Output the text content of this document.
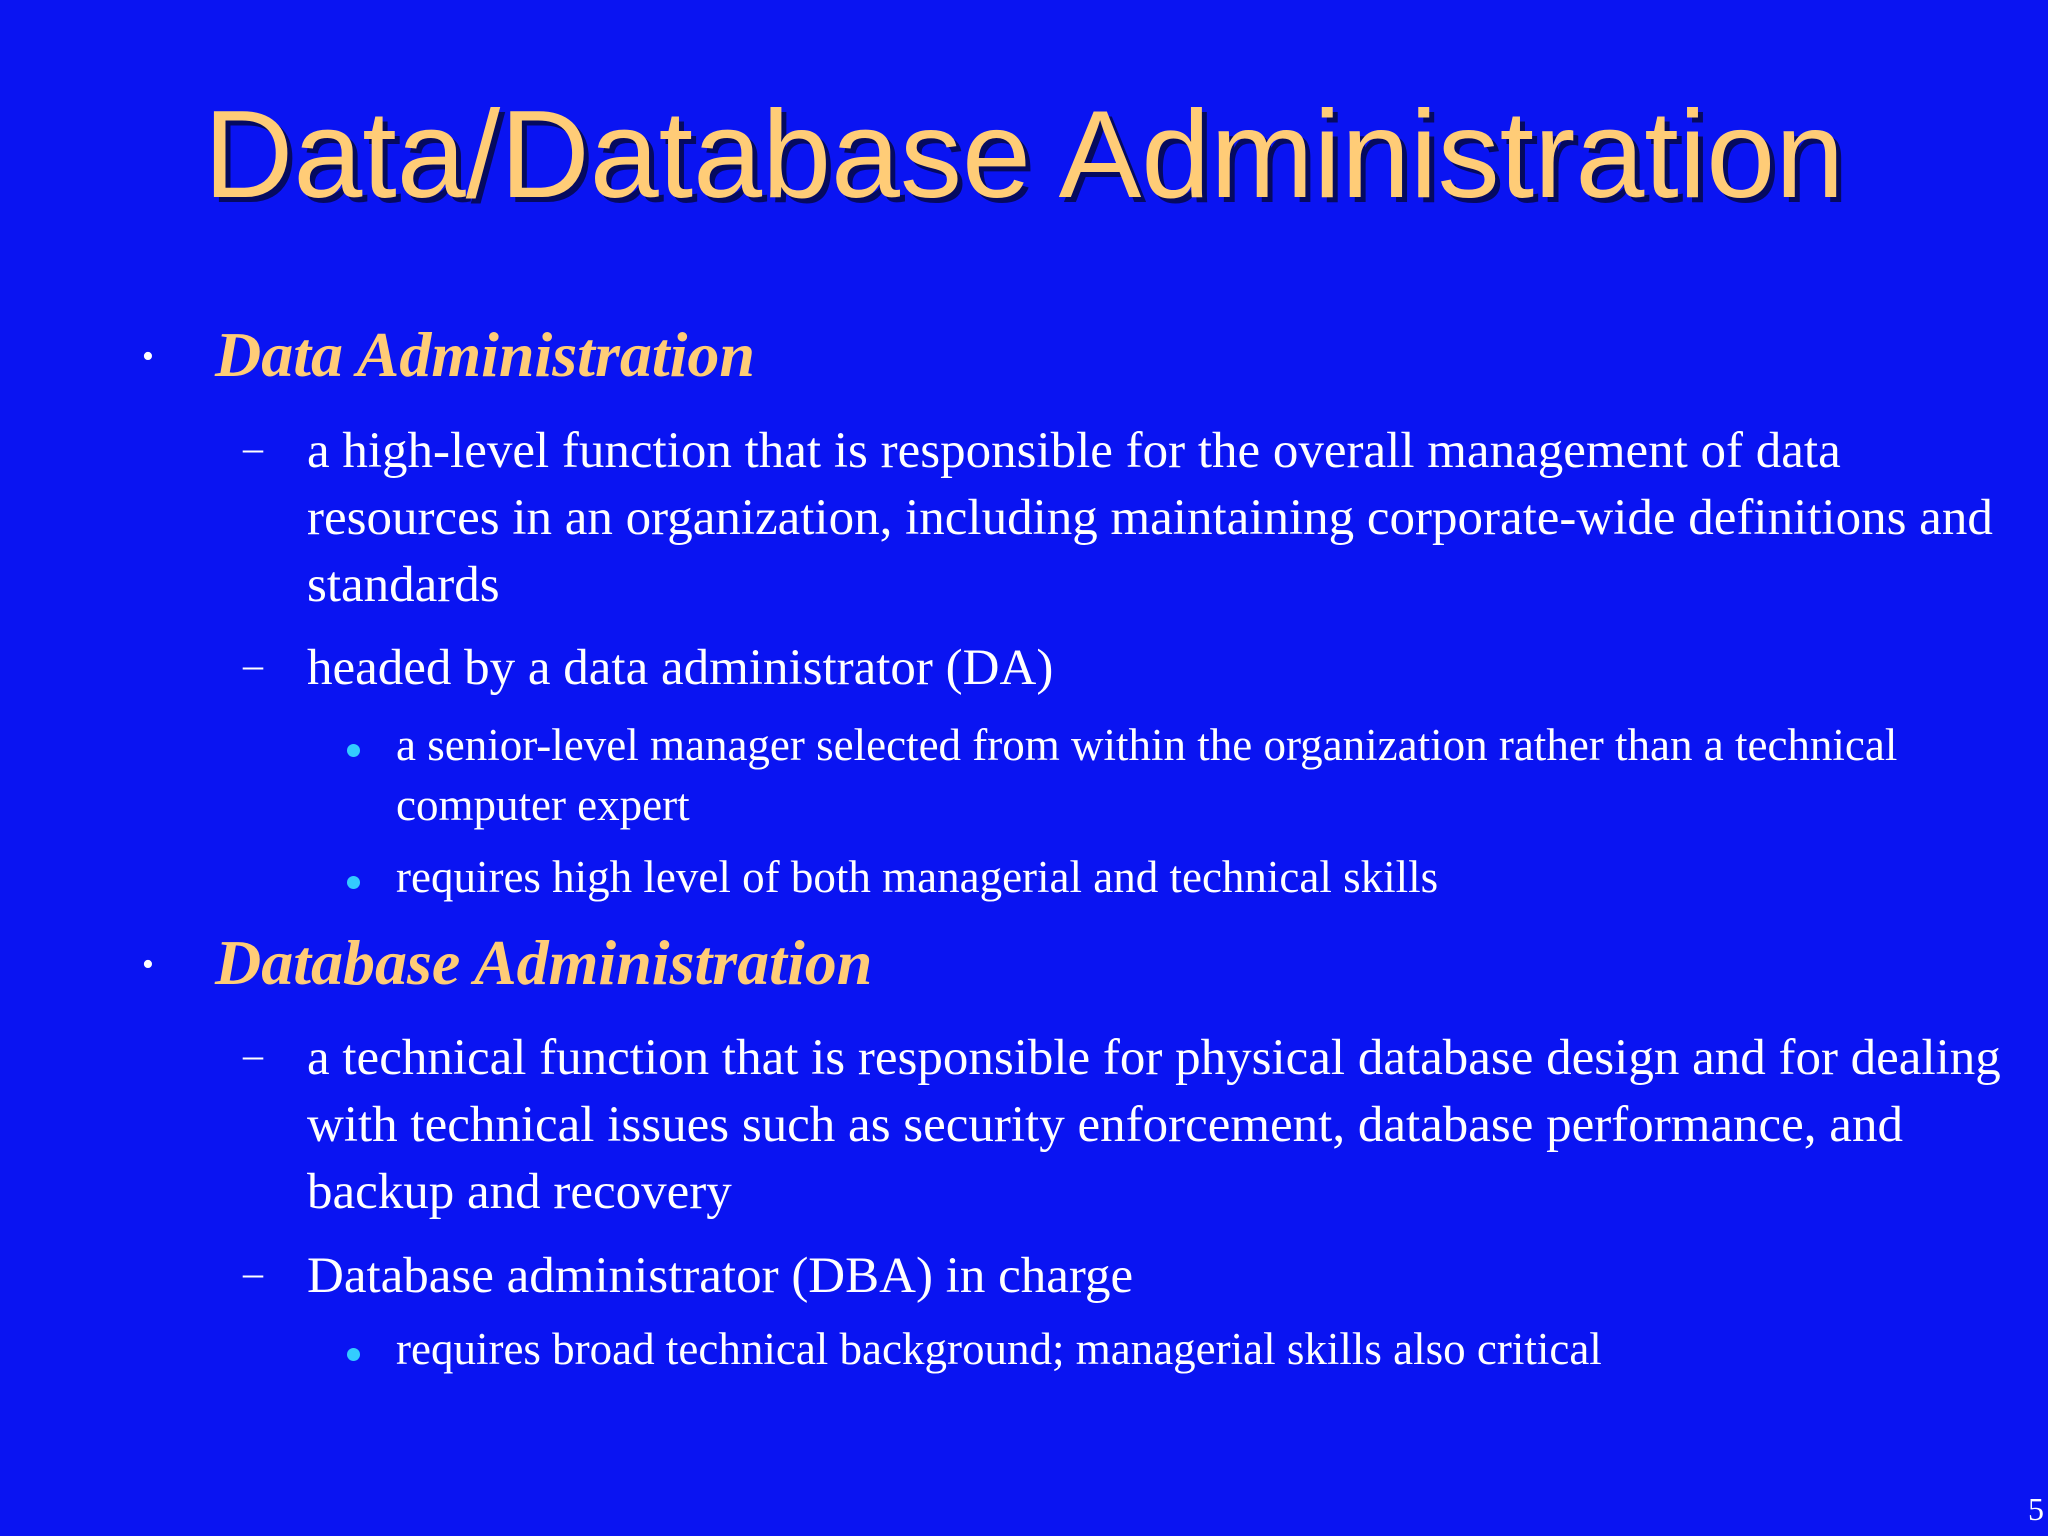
Data/Database Administration
• Data Administration
– a high-level function that is responsible for the overall management of data resources in an organization, including maintaining corporate-wide definitions and standards
– headed by a data administrator (DA)
a senior-level manager selected from within the organization rather than a technical computer expert
requires high level of both managerial and technical skills
• Database Administration
– a technical function that is responsible for physical database design and for dealing with technical issues such as security enforcement, database performance, and backup and recovery
– Database administrator (DBA) in charge
requires broad technical background; managerial skills also critical
5
